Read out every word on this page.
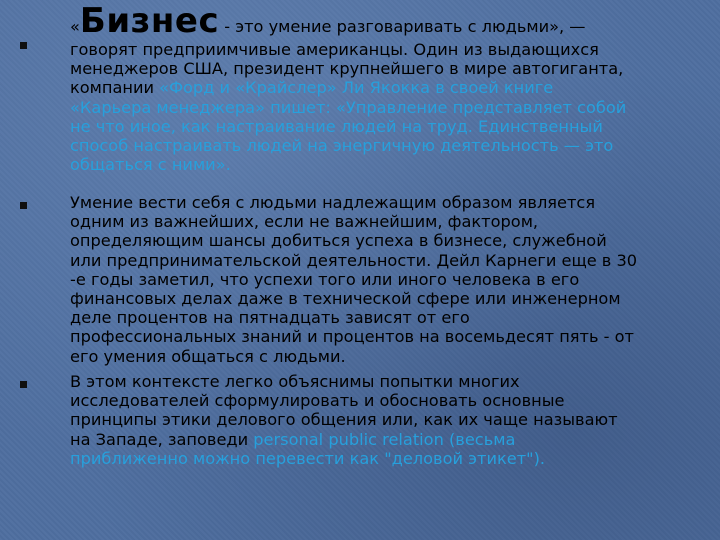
«Бизнес - это умение разговаривать с людьми», —
говорят предприимчивые американцы. Один из выдающихся
менеджеров США, президент крупнейшего в мире автогиганта,
компании «Форд и «Крайслер» Ли Якокка в своей книге
«Карьера менеджера» пишет: «Управление представляет собой
не что иное, как настраивание людей на труд. Единственный
способ настраивать людей на энергичную деятельность — это
общаться с ними».
Умение вести себя с людьми надлежащим образом является
одним из важнейших, если не важнейшим, фактором,
определяющим шансы добиться успеха в бизнесе, служебной
или предпринимательской деятельности. Дейл Карнеги еще в 30
-е годы заметил, что успехи того или иного человека в его
финансовых делах даже в технической сфере или инженерном
деле процентов на пятнадцать зависят от его
профессиональных знаний и процентов на восемьдесят пять - от
его умения общаться с людьми.
В этом контексте легко объяснимы попытки многих
исследователей сформулировать и обосновать основные
принципы этики делового общения или, как их чаще называют
на Западе, заповеди personal public relation (весьма
приближенно можно перевести как "деловой этикет").
